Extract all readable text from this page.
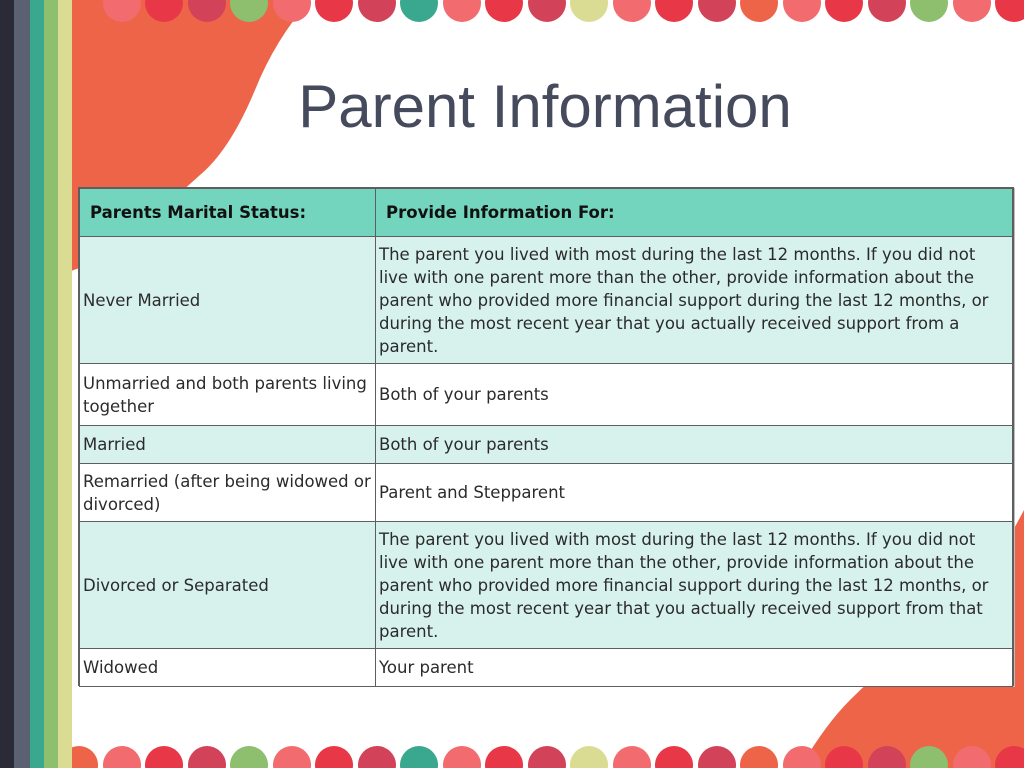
Parent Information
Parents Marital Status:	Provide Information For:
Never Married	The parent you lived with most during the last 12 months. If you did not live with one parent more than the other, provide information about the parent who provided more financial support during the last 12 months, or during the most recent year that you actually received support from a parent.
Unmarried and both parents living together	Both of your parents
Married	Both of your parents
Remarried (after being widowed or divorced)	Parent and Stepparent
Divorced or Separated	The parent you lived with most during the last 12 months. If you did not live with one parent more than the other, provide information about the parent who provided more financial support during the last 12 months, or during the most recent year that you actually received support from that parent.
Widowed	Your parent
